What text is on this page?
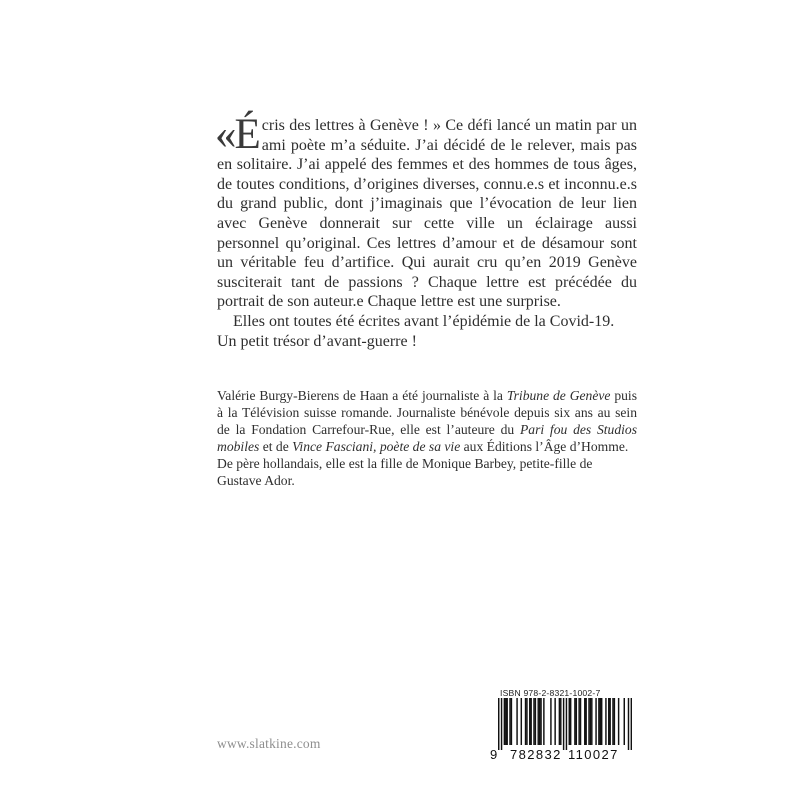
«Écris des lettres à Genève ! » Ce défi lancé un matin par un ami poète m’a séduite. J’ai décidé de le relever, mais pas en solitaire. J’ai appelé des femmes et des hommes de tous âges, de toutes conditions, d’origines diverses, connu.e.s et inconnu.e.s du grand public, dont j’imaginais que l’évocation de leur lien avec Genève donnerait sur cette ville un éclairage aussi personnel qu’original. Ces lettres d’amour et de désamour sont un véritable feu d’artifice. Qui aurait cru qu’en 2019 Genève susciterait tant de passions ? Chaque lettre est précédée du portrait de son auteur.e Chaque lettre est une surprise.

Elles ont toutes été écrites avant l’épidémie de la Covid-19. Un petit trésor d’avant-guerre !

Valérie Burgy-Bierens de Haan a été journaliste à la Tribune de Genève puis à la Télévision suisse romande. Journaliste bénévole depuis six ans au sein de la Fondation Carrefour-Rue, elle est l’auteure du Pari fou des Studios mobiles et de Vince Fasciani, poète de sa vie aux Éditions l’Âge d’Homme.

De père hollandais, elle est la fille de Monique Barbey, petite-fille de Gustave Ador.

www.slatkine.com
ISBN 978-2-8321-1002-7
9 782832 110027
